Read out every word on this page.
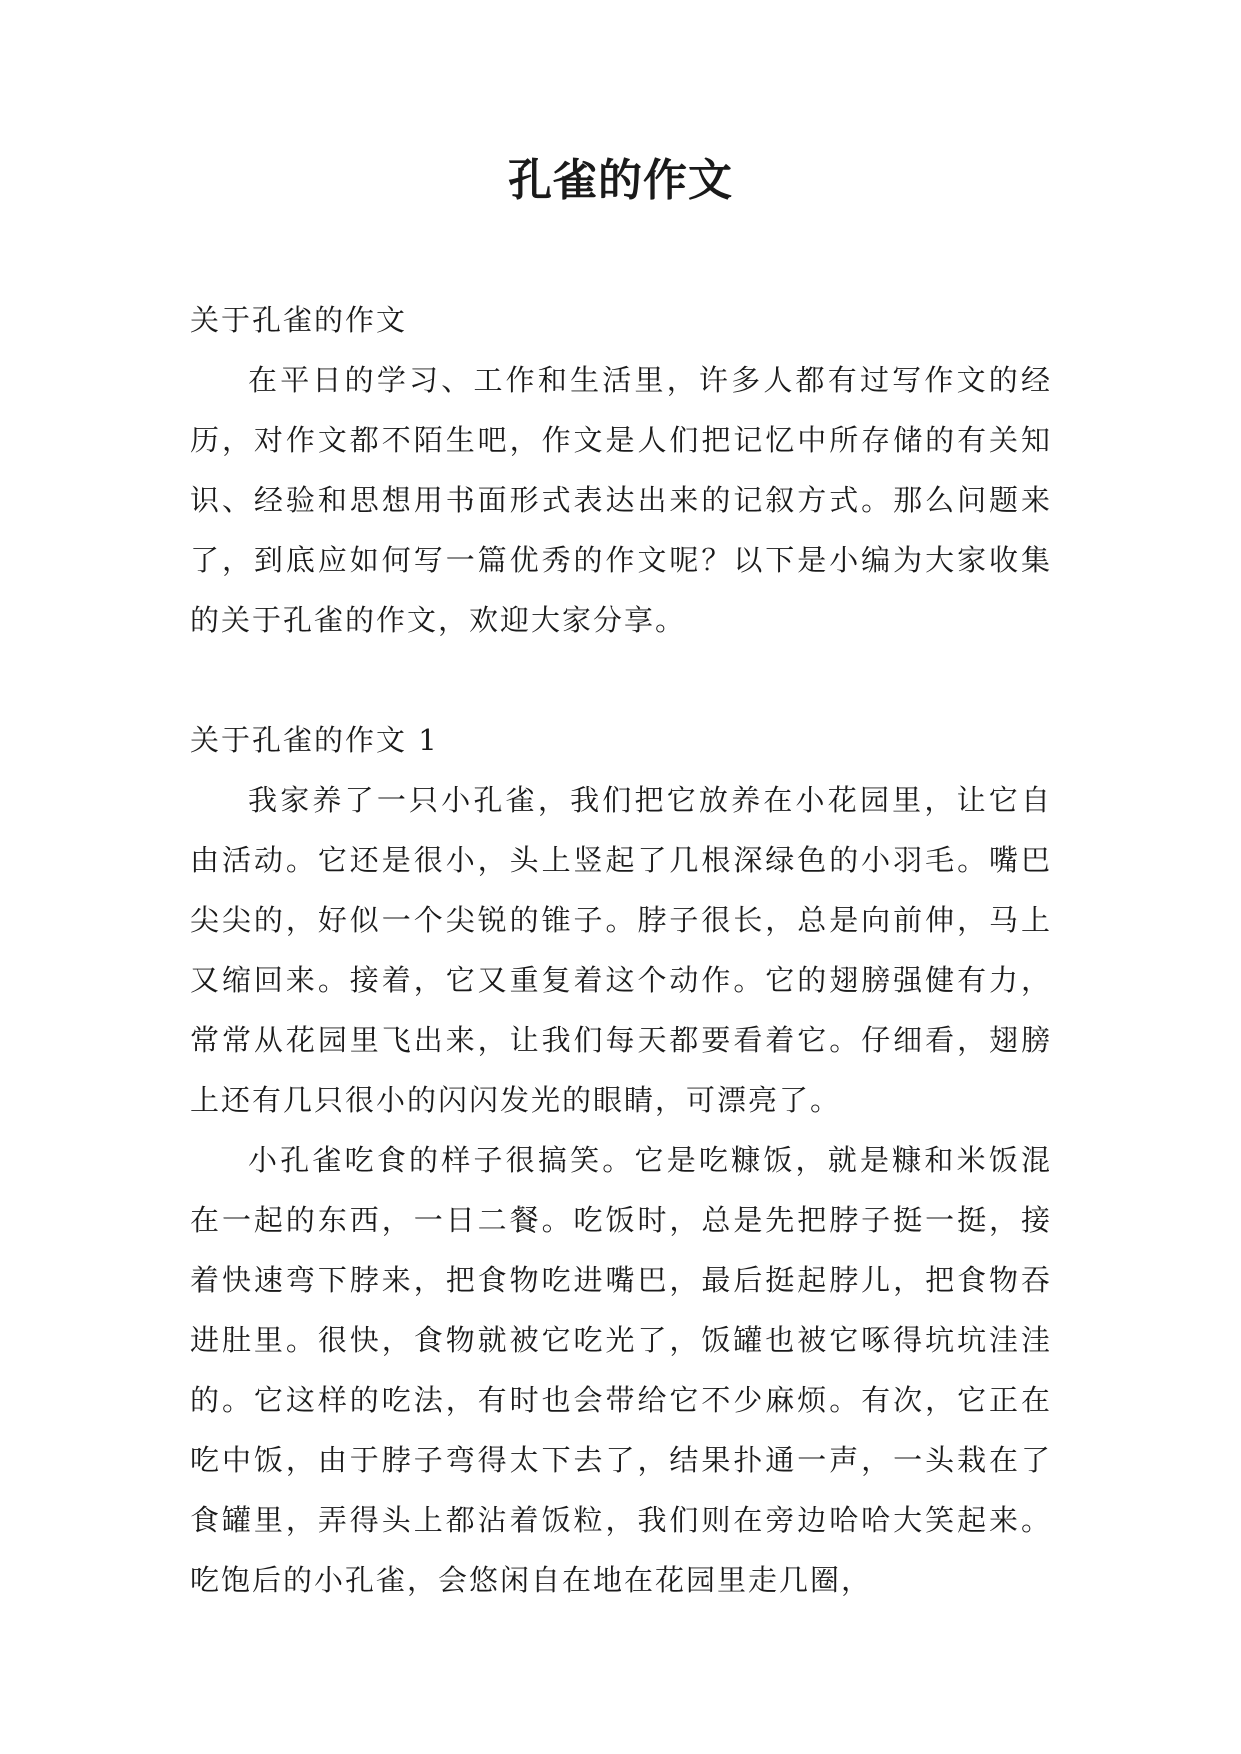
孔雀的作文

关于孔雀的作文

在平日的学习、工作和生活里，许多人都有过写作文的经历，对作文都不陌生吧，作文是人们把记忆中所存储的有关知识、经验和思想用书面形式表达出来的记叙方式。那么问题来了，到底应如何写一篇优秀的作文呢？以下是小编为大家收集的关于孔雀的作文，欢迎大家分享。

关于孔雀的作文 1

我家养了一只小孔雀，我们把它放养在小花园里，让它自由活动。它还是很小，头上竖起了几根深绿色的小羽毛。嘴巴尖尖的，好似一个尖锐的锥子。脖子很长，总是向前伸，马上又缩回来。接着，它又重复着这个动作。它的翅膀强健有力，常常从花园里飞出来，让我们每天都要看着它。仔细看，翅膀上还有几只很小的闪闪发光的眼睛，可漂亮了。

小孔雀吃食的样子很搞笑。它是吃糠饭，就是糠和米饭混在一起的东西，一日二餐。吃饭时，总是先把脖子挺一挺，接着快速弯下脖来，把食物吃进嘴巴，最后挺起脖儿，把食物吞进肚里。很快，食物就被它吃光了，饭罐也被它啄得坑坑洼洼的。它这样的吃法，有时也会带给它不少麻烦。有次，它正在吃中饭，由于脖子弯得太下去了，结果扑通一声，一头栽在了食罐里，弄得头上都沾着饭粒，我们则在旁边哈哈大笑起来。吃饱后的小孔雀，会悠闲自在地在花园里走几圈，
